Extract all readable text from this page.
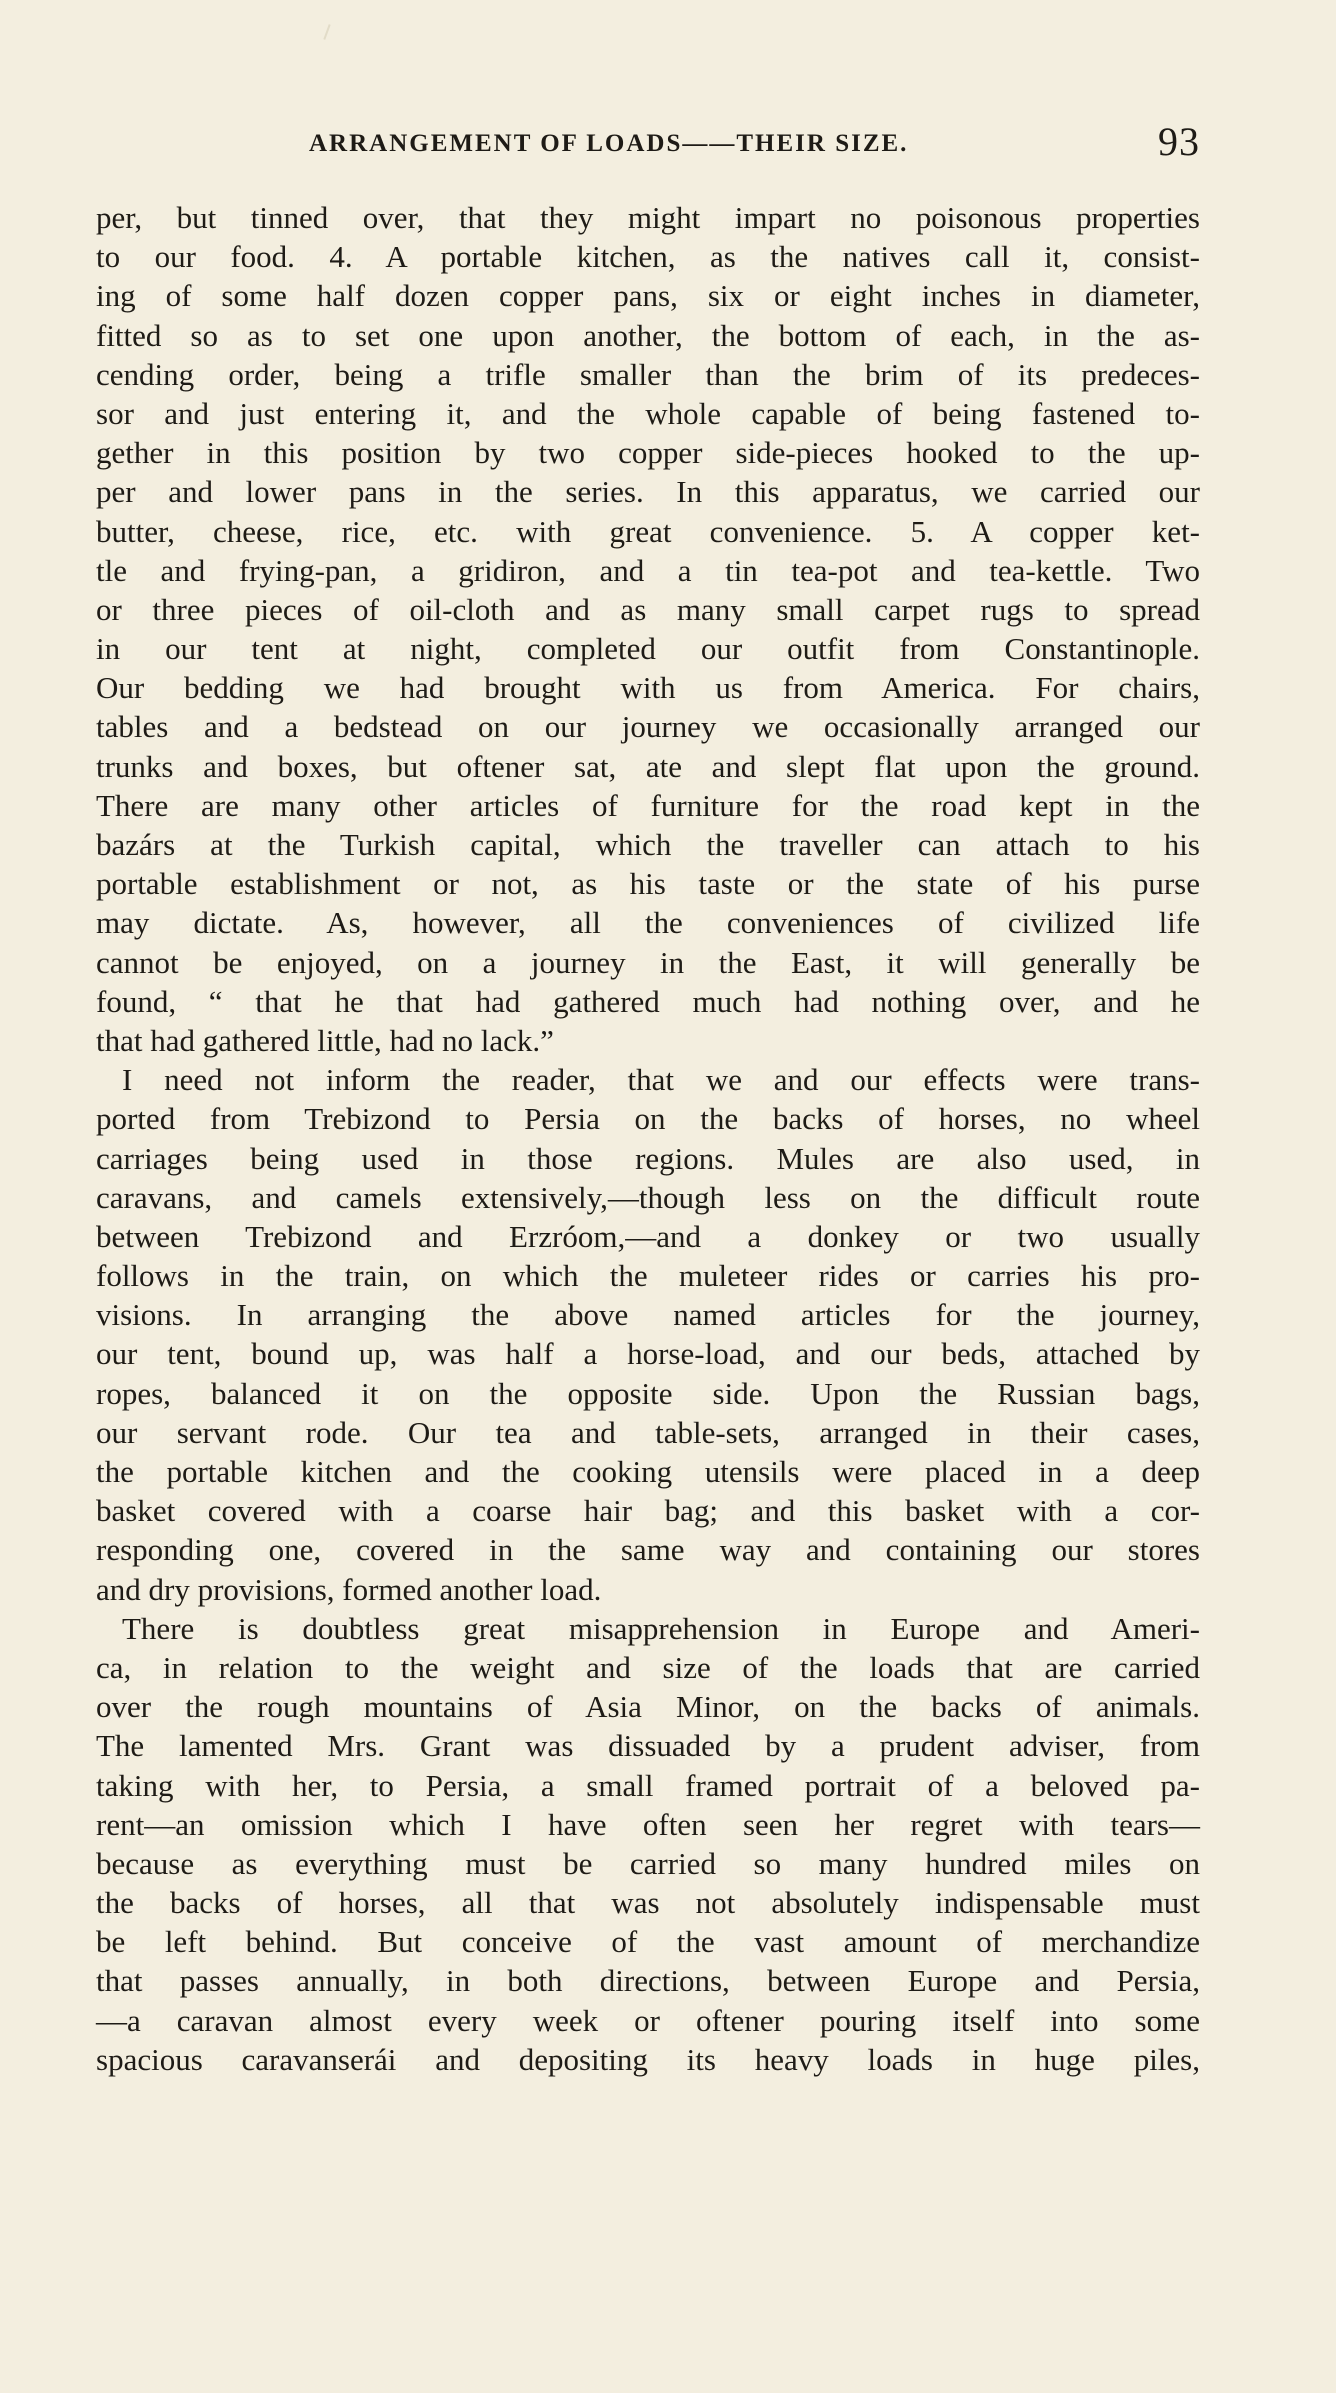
ARRANGEMENT OF LOADS——THEIR SIZE.	93
per, but tinned over, that they might impart no poisonous properties
to our food. 4. A portable kitchen, as the natives call it, consist-
ing of some half dozen copper pans, six or eight inches in diameter,
fitted so as to set one upon another, the bottom of each, in the as-
cending order, being a trifle smaller than the brim of its predeces-
sor and just entering it, and the whole capable of being fastened to-
gether in this position by two copper side-pieces hooked to the up-
per and lower pans in the series. In this apparatus, we carried our
butter, cheese, rice, etc. with great convenience. 5. A copper ket-
tle and frying-pan, a gridiron, and a tin tea-pot and tea-kettle. Two
or three pieces of oil-cloth and as many small carpet rugs to spread
in our tent at night, completed our outfit from Constantinople.
Our bedding we had brought with us from America. For chairs,
tables and a bedstead on our journey we occasionally arranged our
trunks and boxes, but oftener sat, ate and slept flat upon the ground.
There are many other articles of furniture for the road kept in the
bazárs at the Turkish capital, which the traveller can attach to his
portable establishment or not, as his taste or the state of his purse
may dictate. As, however, all the conveniences of civilized life
cannot be enjoyed, on a journey in the East, it will generally be
found, “ that he that had gathered much had nothing over, and he
that had gathered little, had no lack.”
I need not inform the reader, that we and our effects were trans-
ported from Trebizond to Persia on the backs of horses, no wheel
carriages being used in those regions. Mules are also used, in
caravans, and camels extensively,—though less on the difficult route
between Trebizond and Erzróom,—and a donkey or two usually
follows in the train, on which the muleteer rides or carries his pro-
visions. In arranging the above named articles for the journey,
our tent, bound up, was half a horse-load, and our beds, attached by
ropes, balanced it on the opposite side. Upon the Russian bags,
our servant rode. Our tea and table-sets, arranged in their cases,
the portable kitchen and the cooking utensils were placed in a deep
basket covered with a coarse hair bag; and this basket with a cor-
responding one, covered in the same way and containing our stores
and dry provisions, formed another load.
There is doubtless great misapprehension in Europe and Ameri-
ca, in relation to the weight and size of the loads that are carried
over the rough mountains of Asia Minor, on the backs of animals.
The lamented Mrs. Grant was dissuaded by a prudent adviser, from
taking with her, to Persia, a small framed portrait of a beloved pa-
rent—an omission which I have often seen her regret with tears—
because as everything must be carried so many hundred miles on
the backs of horses, all that was not absolutely indispensable must
be left behind. But conceive of the vast amount of merchandize
that passes annually, in both directions, between Europe and Persia,
—a caravan almost every week or oftener pouring itself into some
spacious caravanserái and depositing its heavy loads in huge piles,
